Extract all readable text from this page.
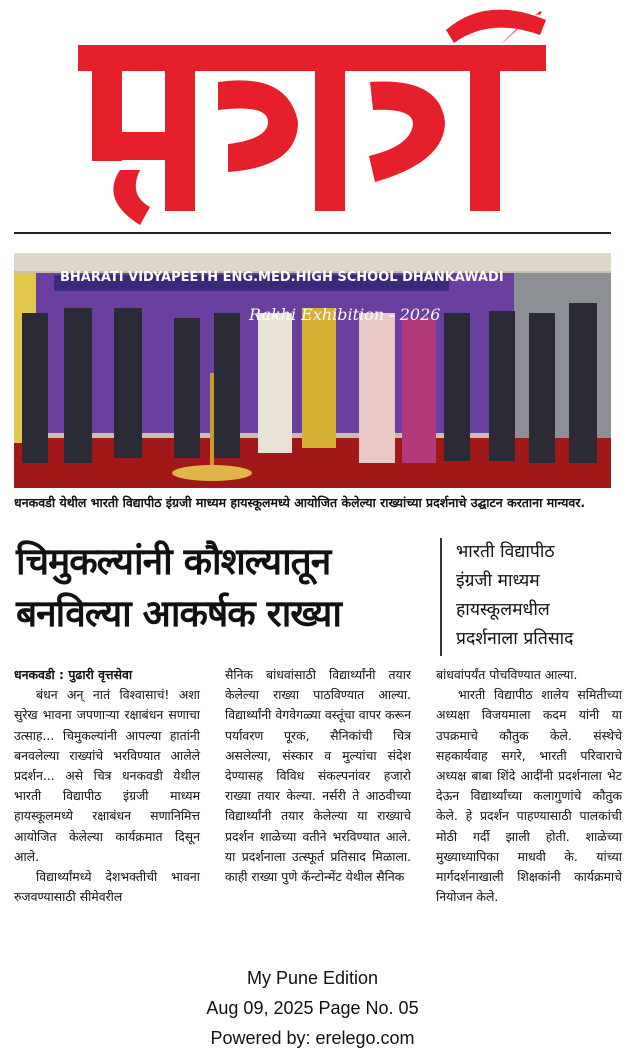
BHARATI VIDYAPEETH ENG.MED.HIGH SCHOOL DHANKAWADI
Rakhi Exhibition - 2026
धनकवडी येथील भारती विद्यापीठ इंग्रजी माध्यम हायस्कूलमध्ये आयोजित केलेल्या राख्यांच्या प्रदर्शनाचे उद्घाटन करताना मान्यवर.
चिमुकल्यांनी कौशल्यातून
बनविल्या आकर्षक राख्या
भारती विद्यापीठ
इंग्रजी माध्यम
हायस्कूलमधील
प्रदर्शनाला प्रतिसाद
धनकवडी : पुढारी वृत्तसेवा
बंधन अन् नातं विश्वासाचं! अशा सुरेख भावना जपणाऱ्या रक्षाबंधन सणाचा उत्साह... चिमुकल्यांनी आपल्या हातांनी बनवलेल्या राख्यांचे भरविण्यात आलेले प्रदर्शन... असे चित्र धनकवडी येथील भारती विद्यापीठ इंग्रजी माध्यम हायस्कूलमध्ये रक्षाबंधन सणानिमित्त आयोजित केलेल्या कार्यक्रमात दिसून आले.
विद्यार्थ्यांमध्ये देशभक्तीची भावना रुजवण्यासाठी सीमेवरील
सैनिक बांधवांसाठी विद्यार्थ्यांनी तयार केलेल्या राख्या पाठविण्यात आल्या. विद्यार्थ्यांनी वेगवेगळ्या वस्तूंचा वापर करून पर्यावरण पूरक, सैनिकांची चित्र असलेल्या, संस्कार व मुल्यांचा संदेश देण्यासह विविध संकल्पनांवर हजारो राख्या तयार केल्या. नर्सरी ते आठवीच्या विद्यार्थ्यांनी तयार केलेल्या या राख्याचे प्रदर्शन शाळेच्या वतीने भरविण्यात आले. या प्रदर्शनाला उत्स्फूर्त प्रतिसाद मिळाला. काही राख्या पुणे कॅन्टोन्मेंट येथील सैनिक
बांधवांपर्यंत पोचविण्यात आल्या.
भारती विद्यापीठ शालेय समितीच्या अध्यक्षा विजयमाला कदम यांनी या उपक्रमाचे कौतुक केले. संस्थेचे सहकार्यवाह सगरे, भारती परिवाराचे अध्यक्ष बाबा शिंदे आदींनी प्रदर्शनाला भेट देऊन विद्यार्थ्यांच्या कलागुणांचे कौतुक केले. हे प्रदर्शन पाहण्यासाठी पालकांची मोठी गर्दी झाली होती. शाळेच्या मुख्याध्यापिका माधवी के. यांच्या मार्गदर्शनाखाली शिक्षकांनी कार्यक्रमाचे नियोजन केले.
My Pune Edition
Aug 09, 2025 Page No. 05
Powered by: erelego.com
